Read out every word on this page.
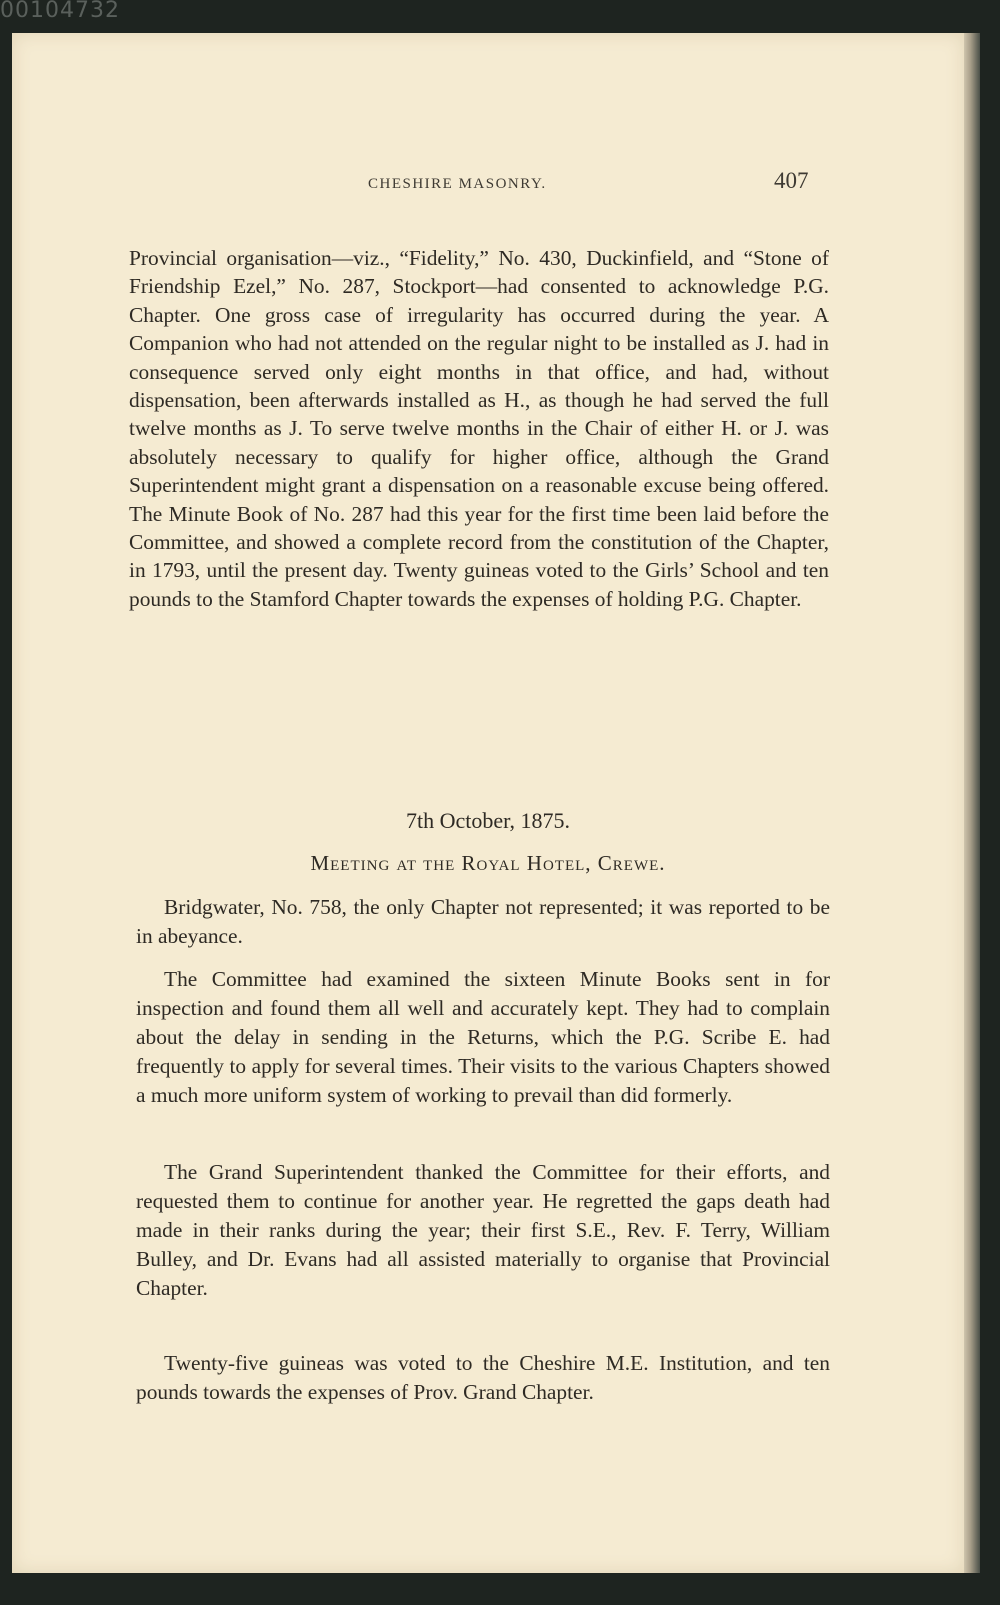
00104732
CHESHIRE MASONRY.	407

Provincial organisation—viz., “Fidelity,” No. 430, Duckinfield, and “Stone of Friendship Ezel,” No. 287, Stockport—had consented to acknowledge P.G. Chapter. One gross case of irregularity has occurred during the year. A Companion who had not attended on the regular night to be installed as J. had in consequence served only eight months in that office, and had, without dispensation, been afterwards installed as H., as though he had served the full twelve months as J. To serve twelve months in the Chair of either H. or J. was absolutely necessary to qualify for higher office, although the Grand Superintendent might grant a dispensation on a reasonable excuse being offered. The Minute Book of No. 287 had this year for the first time been laid before the Committee, and showed a complete record from the constitution of the Chapter, in 1793, until the present day. Twenty guineas voted to the Girls’ School and ten pounds to the Stamford Chapter towards the expenses of holding P.G. Chapter.

7th October, 1875.
Meeting at the Royal Hotel, Crewe.

Bridgwater, No. 758, the only Chapter not represented; it was reported to be in abeyance.

The Committee had examined the sixteen Minute Books sent in for inspection and found them all well and accurately kept. They had to complain about the delay in sending in the Returns, which the P.G. Scribe E. had frequently to apply for several times. Their visits to the various Chapters showed a much more uniform system of working to prevail than did formerly.

The Grand Superintendent thanked the Committee for their efforts, and requested them to continue for another year. He regretted the gaps death had made in their ranks during the year; their first S.E., Rev. F. Terry, William Bulley, and Dr. Evans had all assisted materially to organise that Provincial Chapter.

Twenty-five guineas was voted to the Cheshire M.E. Institution, and ten pounds towards the expenses of Prov. Grand Chapter.
